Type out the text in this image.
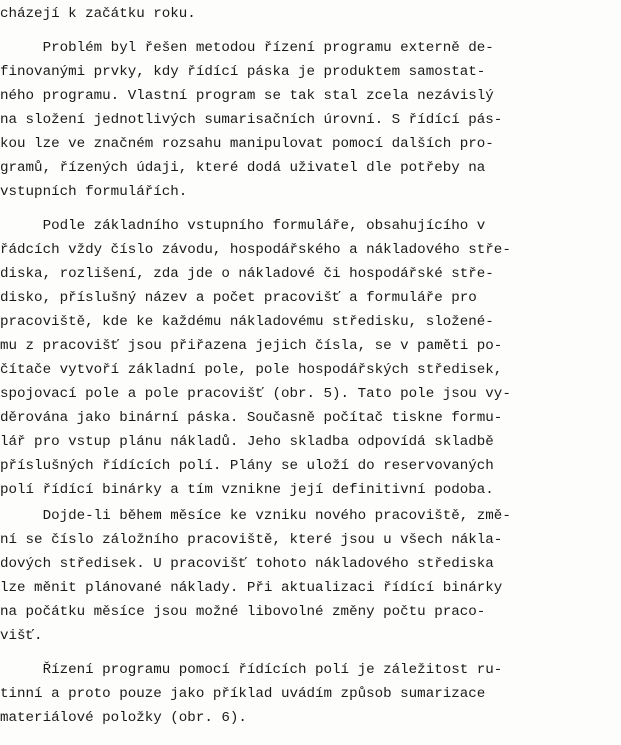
cházejí k začátku roku.
Problém byl řešen metodou řízení programu externě de-
finovanými prvky, kdy řídící páska je produktem samostat-
ného programu. Vlastní program se tak stal zcela nezávislý
na složení jednotlivých sumarisačních úrovní. S řídící pás-
kou lze ve značném rozsahu manipulovat pomocí dalších pro-
gramů, řízených údaji, které dodá uživatel dle potřeby na
vstupních formulářích.
Podle základního vstupního formuláře, obsahujícího v
řádcích vždy číslo závodu, hospodářského a nákladového stře-
diska, rozlišení, zda jde o nákladové či hospodářské stře-
disko, příslušný název a počet pracovišť a formuláře pro
pracoviště, kde ke každému nákladovému středisku, složené-
mu z pracovišť jsou přiřazena jejich čísla, se v paměti po-
čítače vytvoří základní pole, pole hospodářských středisek,
spojovací pole a pole pracovišť (obr. 5). Tato pole jsou vy-
děrována jako binární páska. Současně počítač tiskne formu-
lář pro vstup plánu nákladů. Jeho skladba odpovídá skladbě
příslušných řídících polí. Plány se uloží do reservovaných
polí řídící binárky a tím vznikne její definitivní podoba.
Dojde-li během měsíce ke vzniku nového pracoviště, změ-
ní se číslo záložního pracoviště, které jsou u všech nákla-
dových středisek. U pracovišť tohoto nákladového střediska
lze měnit plánované náklady. Při aktualizaci řídící binárky
na počátku měsíce jsou možné libovolné změny počtu praco-
višť.
Řízení programu pomocí řídících polí je záležitost ru-
tinní a proto pouze jako příklad uvádím způsob sumarizace
materiálové položky (obr. 6).
